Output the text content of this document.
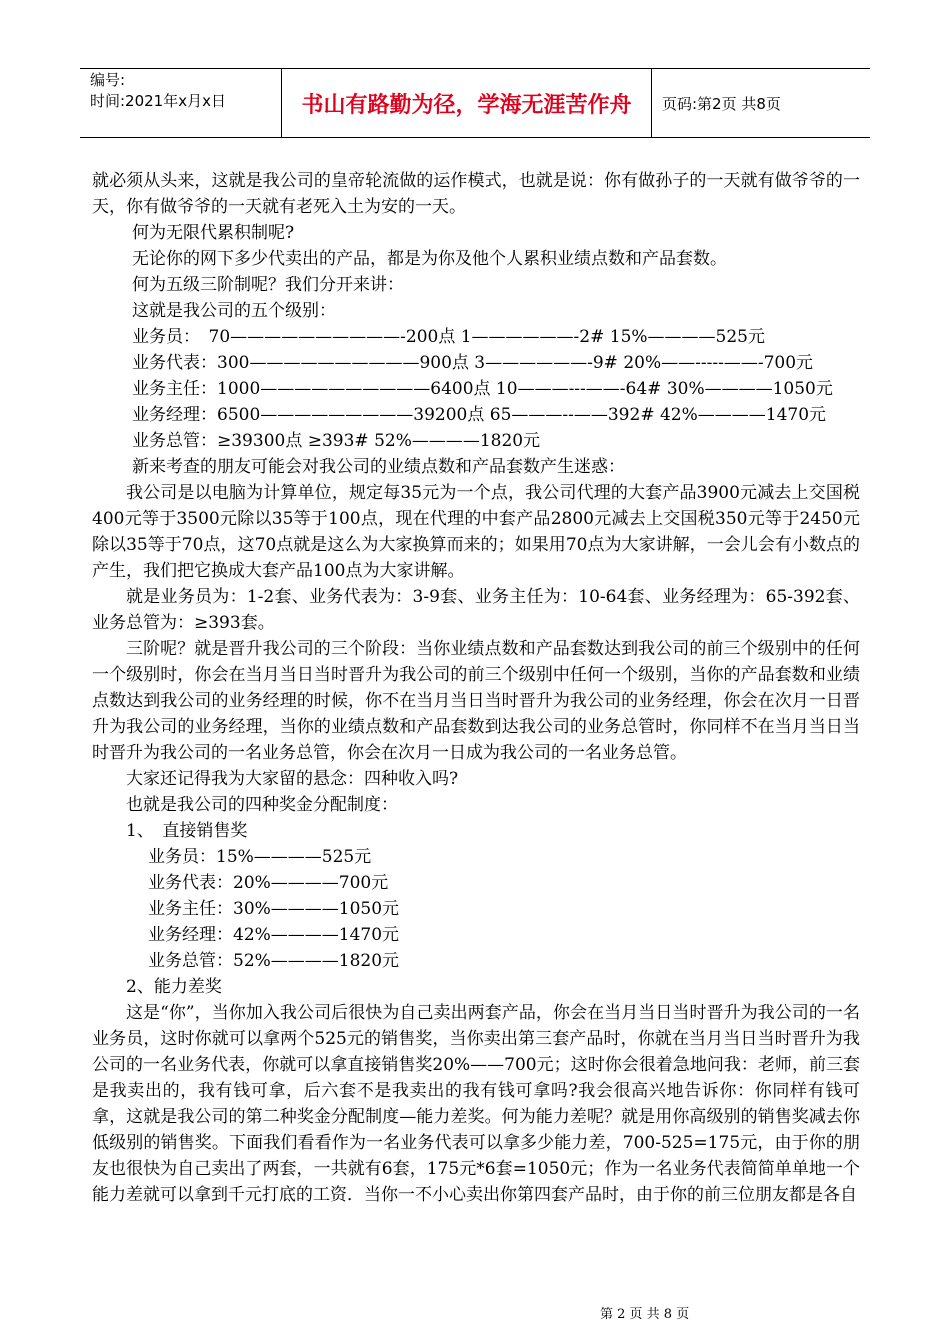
编号:
时间:2021年x月x日	书山有路勤为径，学海无涯苦作舟	页码:第2页 共8页

就必须从头来，这就是我公司的皇帝轮流做的运作模式，也就是说：你有做孙子的一天就有做爷爷的一天，你有做爷爷的一天就有老死入土为安的一天。

何为无限代累积制呢?

无论你的网下多少代卖出的产品，都是为你及他个人累积业绩点数和产品套数。

何为五级三阶制呢？我们分开来讲：

这就是我公司的五个级别：

业务员：　70——————————-200点 1——————-2# 15%————525元

业务代表：300——————————900点 3——————-9# 20%——-----——-700元

业务主任：1000——————————6400点 10———---——-64# 30%————1050元

业务经理：6500—————————39200点 65———--——392# 42%————1470元

业务总管：≥39300点 ≥393# 52%————1820元

新来考查的朋友可能会对我公司的业绩点数和产品套数产生迷惑：

我公司是以电脑为计算单位，规定每35元为一个点，我公司代理的大套产品3900元减去上交国税400元等于3500元除以35等于100点，现在代理的中套产品2800元减去上交国税350元等于2450元除以35等于70点，这70点就是这么为大家换算而来的；如果用70点为大家讲解，一会儿会有小数点的产生，我们把它换成大套产品100点为大家讲解。

就是业务员为：1-2套、业务代表为：3-9套、业务主任为：10-64套、业务经理为：65-392套、业务总管为：≥393套。

三阶呢？就是晋升我公司的三个阶段：当你业绩点数和产品套数达到我公司的前三个级别中的任何一个级别时，你会在当月当日当时晋升为我公司的前三个级别中任何一个级别，当你的产品套数和业绩点数达到我公司的业务经理的时候，你不在当月当日当时晋升为我公司的业务经理，你会在次月一日晋升为我公司的业务经理，当你的业绩点数和产品套数到达我公司的业务总管时，你同样不在当月当日当时晋升为我公司的一名业务总管，你会在次月一日成为我公司的一名业务总管。

大家还记得我为大家留的悬念：四种收入吗?

也就是我公司的四种奖金分配制度：

1、　直接销售奖

业务员：15%————525元

业务代表：20%————700元

业务主任：30%————1050元

业务经理：42%————1470元

业务总管：52%————1820元

2、能力差奖

这是“你”，当你加入我公司后很快为自己卖出两套产品，你会在当月当日当时晋升为我公司的一名业务员，这时你就可以拿两个525元的销售奖，当你卖出第三套产品时，你就在当月当日当时晋升为我公司的一名业务代表，你就可以拿直接销售奖20%——700元；这时你会很着急地问我：老师，前三套是我卖出的，我有钱可拿，后六套不是我卖出的我有钱可拿吗?我会很高兴地告诉你：你同样有钱可拿，这就是我公司的第二种奖金分配制度—能力差奖。何为能力差呢？就是用你高级别的销售奖减去你低级别的销售奖。下面我们看看作为一名业务代表可以拿多少能力差，700-525=175元，由于你的朋友也很快为自己卖出了两套，一共就有6套，175元*6套=1050元；作为一名业务代表简简单单地一个能力差就可以拿到千元打底的工资．当你一不小心卖出你第四套产品时，由于你的前三位朋友都是各自

第 2 页 共 8 页
